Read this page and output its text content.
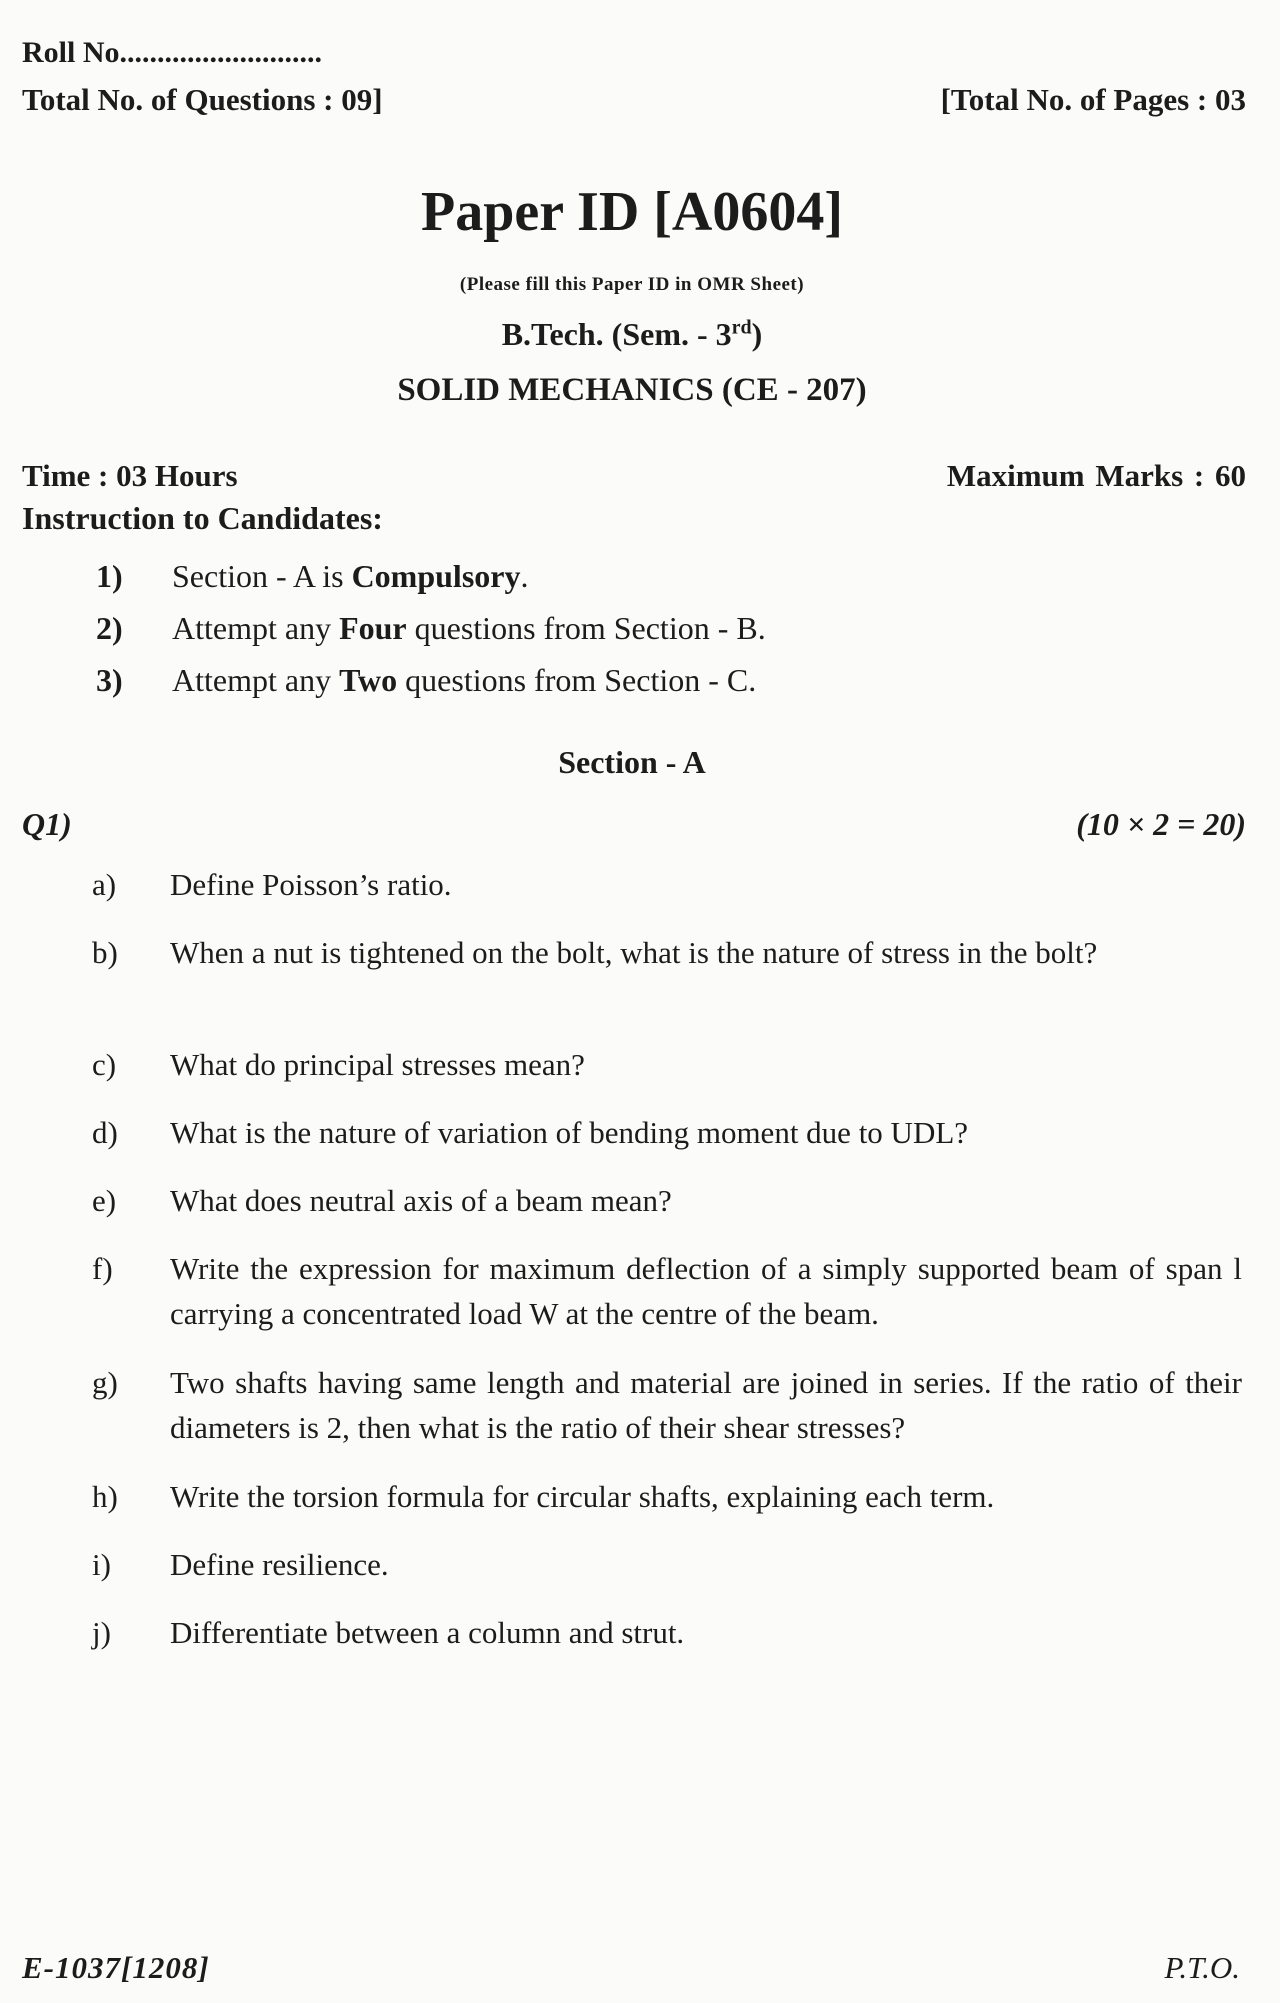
Roll No...........................
Total No. of Questions : 09]	[Total No. of Pages : 03
Paper ID [A0604]
(Please fill this Paper ID in OMR Sheet)
B.Tech. (Sem. - 3rd)
SOLID MECHANICS (CE - 207)
Time : 03 Hours	Maximum Marks : 60
Instruction to Candidates:
1) Section - A is Compulsory.
2) Attempt any Four questions from Section - B.
3) Attempt any Two questions from Section - C.
Section - A
Q1)	(10 × 2 = 20)
a)	Define Poisson’s ratio.
b)	When a nut is tightened on the bolt, what is the nature of stress in the bolt?
c)	What do principal stresses mean?
d)	What is the nature of variation of bending moment due to UDL?
e)	What does neutral axis of a beam mean?
f)	Write the expression for maximum deflection of a simply supported beam of span l carrying a concentrated load W at the centre of the beam.
g)	Two shafts having same length and material are joined in series. If the ratio of their diameters is 2, then what is the ratio of their shear stresses?
h)	Write the torsion formula for circular shafts, explaining each term.
i)	Define resilience.
j)	Differentiate between a column and strut.
E-1037[1208]	P.T.O.
